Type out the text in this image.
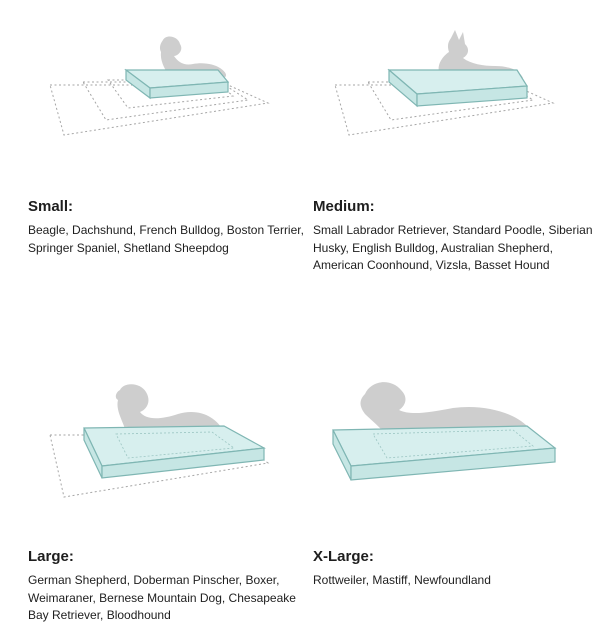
Small:

Beagle, Dachshund, French Bulldog, Boston Terrier, Springer Spaniel, Shetland Sheepdog

Medium:

Small Labrador Retriever, Standard Poodle, Siberian Husky, English Bulldog, Australian Shepherd, American Coonhound, Vizsla, Basset Hound

Large:

German Shepherd, Doberman Pinscher, Boxer, Weimaraner, Bernese Mountain Dog, Chesapeake Bay Retriever, Bloodhound

X-Large:

Rottweiler, Mastiff, Newfoundland
